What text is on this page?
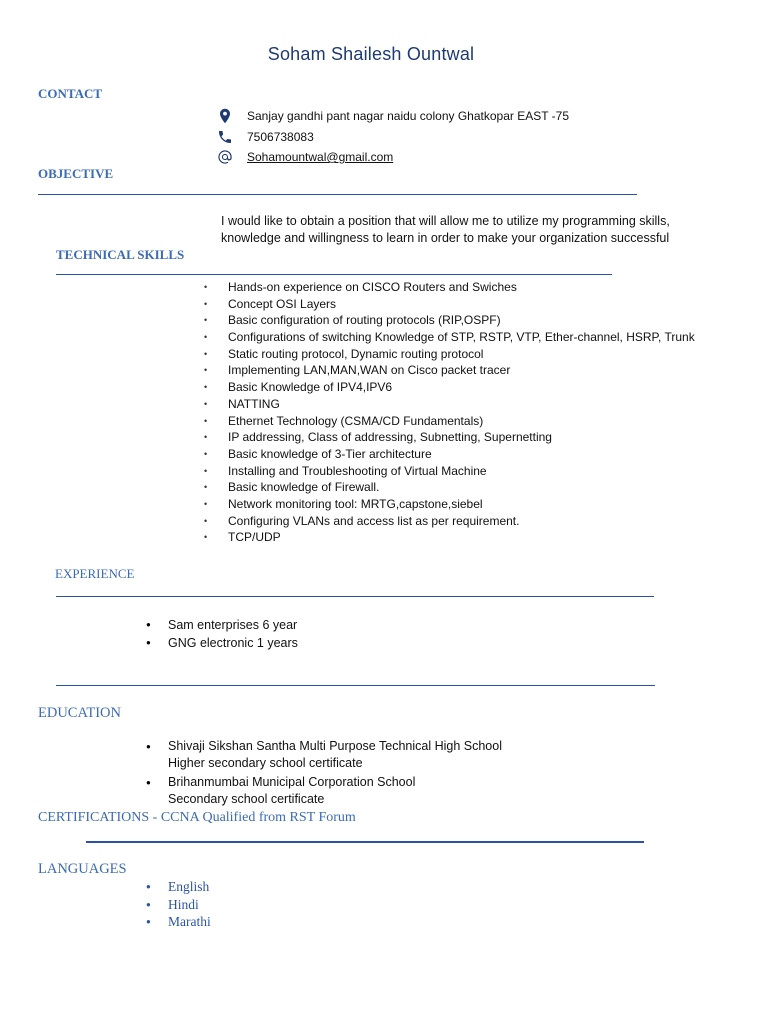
Soham Shailesh Ountwal
CONTACT
Sanjay gandhi pant nagar naidu colony Ghatkopar EAST -75
7506738083
Sohamountwal@gmail.com
OBJECTIVE
I would like to obtain a position that will allow me to utilize my programming skills,
knowledge and willingness to learn in order to make your organization successful
TECHNICAL SKILLS
• Hands-on experience on CISCO Routers and Swiches
• Concept OSI Layers
• Basic configuration of routing protocols (RIP,OSPF)
• Configurations of switching Knowledge of STP, RSTP, VTP, Ether-channel, HSRP, Trunk
• Static routing protocol, Dynamic routing protocol
• Implementing LAN,MAN,WAN on Cisco packet tracer
• Basic Knowledge of IPV4,IPV6
• NATTING
• Ethernet Technology (CSMA/CD Fundamentals)
• IP addressing, Class of addressing, Subnetting, Supernetting
• Basic knowledge of 3-Tier architecture
• Installing and Troubleshooting of Virtual Machine
• Basic knowledge of Firewall.
• Network monitoring tool: MRTG,capstone,siebel
• Configuring VLANs and access list as per requirement.
• TCP/UDP
EXPERIENCE
● Sam enterprises 6 year
● GNG electronic 1 years
EDUCATION
● Shivaji Sikshan Santha Multi Purpose Technical High School
Higher secondary school certificate
● Brihanmumbai Municipal Corporation School
Secondary school certificate
CERTIFICATIONS - CCNA Qualified from RST Forum
LANGUAGES
● English
● Hindi
● Marathi
